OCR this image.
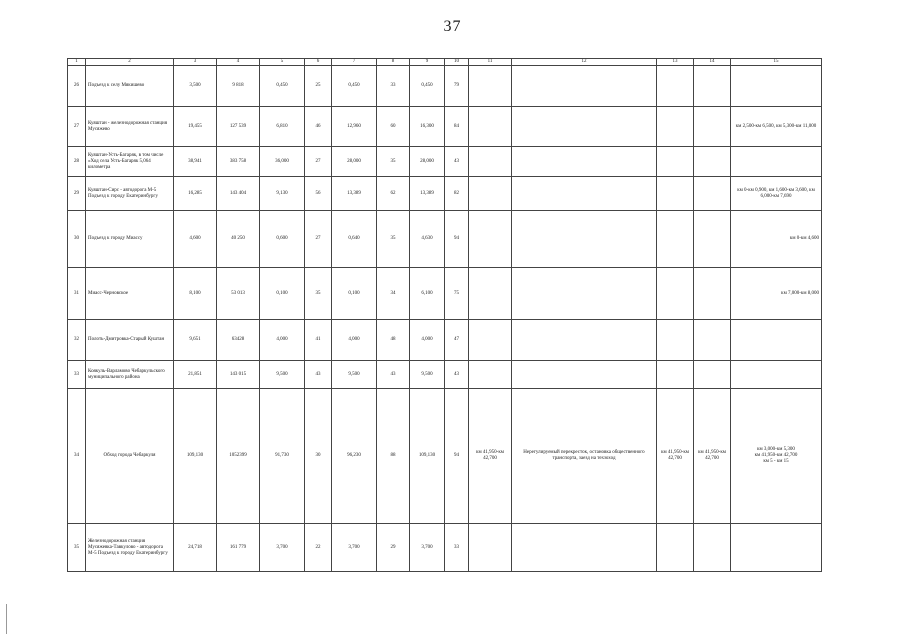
37
1	2	3	4	5	6	7	8	9	10	11	12	13	14	15
26	Подъезд к селу Мякишево	3,500	9 818	0,450	25	0,450	33	0,450	79					
27	Куяштан - железнодорожная станция Мусяжево	19,455	127 539	6,810	46	12,960	60	16,300	84					км 2,500-км 6,500, км 5,300-км 11,000
28	Куяштан-Усть-Багаряк, в том числе «Ход села Усть-Багаряк 5,064 километра	38,941	383 758	36,000	27	28,000	35	28,000	43					
29	Куяштан-Сирс - автодорога М-5 Подъезд к городу Екатеринбургу	16,285	143 404	9,130	56	13,389	62	13,389	82					км 0-км 0,900, км 1,600-км 3,600, км 6,000-км 7,690
30	Подъезд к городу Миассу	4,600	40 250	0,600	27	0,640	35	4,630	94					км 0-км 4,600
31	Миасс-Черновское	8,100	53 013	0,100	35	0,100	34	6,100	75					км 7,000-км 8,000
32	Полоть-Дмитровка-Старый Куштан	9,651	63428	4,000	41	4,000	48	4,000	47					
33	Коякуль-Варламово Чебаркульского муниципального района	21,851	143 015	9,500	43	9,500	43	9,500	43					
34	Обход города Чебаркуля	109,130	1052399	91,730	30	96,230	88	109,130	94	км 41,950-км 42,700	Нерегулируемый перекресток, остановка общественного транспорта, заезд на техзоход	км 41,950-км 42,700	км 41,950-км 42,700	км 3,000-км 5,300
км 41,950-км 42,700
км 5 - км 15

35	Железнодорожная станция Мусяжевка-Тавкулово - автодорога М-5 Подъезд к городу Екатеринбургу	24,718	161 779	3,700	22	3,700	29	3,700	33					
